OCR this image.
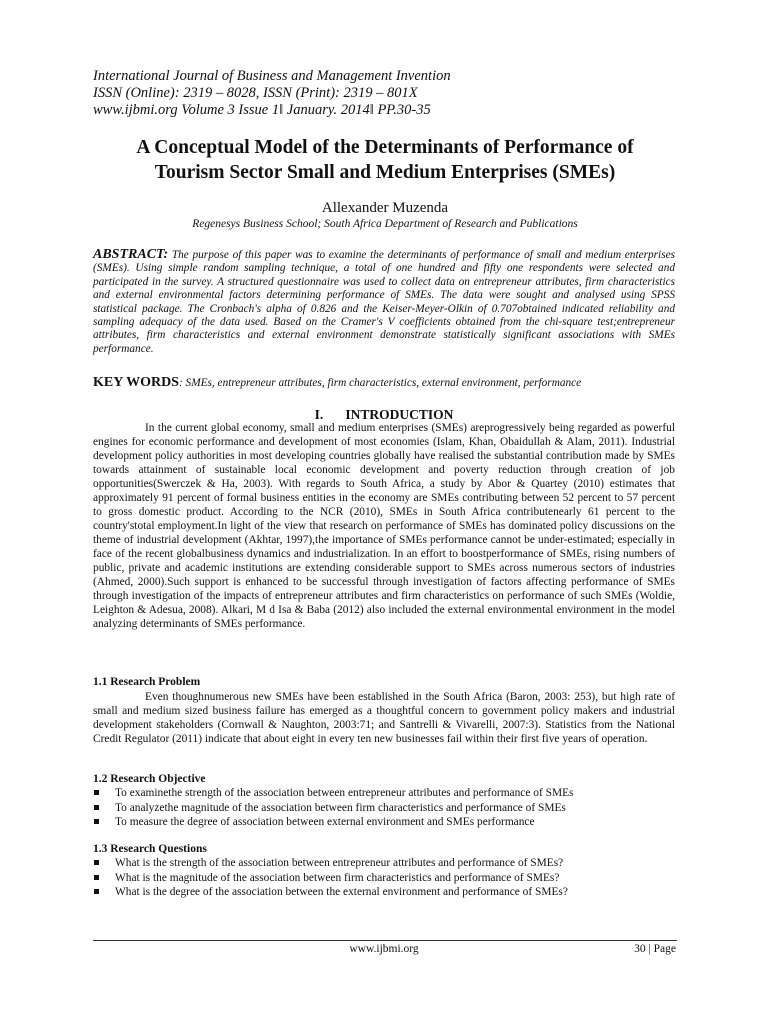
International Journal of Business and Management Invention
ISSN (Online): 2319 – 8028, ISSN (Print): 2319 – 801X
www.ijbmi.org Volume 3 Issue 1ǁ January. 2014ǁ PP.30-35
A Conceptual Model of the Determinants of Performance of
Tourism Sector Small and Medium Enterprises (SMEs)
Allexander Muzenda
Regenesys Business School; South Africa Department of Research and Publications
ABSTRACT: The purpose of this paper was to examine the determinants of performance of small and medium enterprises (SMEs). Using simple random sampling technique, a total of one hundred and fifty one respondents were selected and participated in the survey. A structured questionnaire was used to collect data on entrepreneur attributes, firm characteristics and external environmental factors determining performance of SMEs. The data were sought and analysed using SPSS statistical package. The Cronbach's alpha of 0.826 and the Keiser-Meyer-Olkin of 0.707obtained indicated reliability and sampling adequacy of the data used. Based on the Cramer's V coefficients obtained from the chi-square test;entrepreneur attributes, firm characteristics and external environment demonstrate statistically significant associations with SMEs performance.
KEY WORDS: SMEs, entrepreneur attributes, firm characteristics, external environment, performance
I. INTRODUCTION

In the current global economy, small and medium enterprises (SMEs) areprogressively being regarded as powerful engines for economic performance and development of most economies (Islam, Khan, Obaidullah & Alam, 2011). Industrial development policy authorities in most developing countries globally have realised the substantial contribution made by SMEs towards attainment of sustainable local economic development and poverty reduction through creation of job opportunities(Swerczek & Ha, 2003). With regards to South Africa, a study by Abor & Quartey (2010) estimates that approximately 91 percent of formal business entities in the economy are SMEs contributing between 52 percent to 57 percent to gross domestic product. According to the NCR (2010), SMEs in South Africa contributenearly 61 percent to the country'stotal employment.In light of the view that research on performance of SMEs has dominated policy discussions on the theme of industrial development (Akhtar, 1997),the importance of SMEs performance cannot be under-estimated; especially in face of the recent globalbusiness dynamics and industrialization. In an effort to boostperformance of SMEs, rising numbers of public, private and academic institutions are extending considerable support to SMEs across numerous sectors of industries (Ahmed, 2000).Such support is enhanced to be successful through investigation of factors affecting performance of SMEs through investigation of the impacts of entrepreneur attributes and firm characteristics on performance of such SMEs (Woldie, Leighton & Adesua, 2008). Alkari, M d Isa & Baba (2012) also included the external environmental environment in the model analyzing determinants of SMEs performance.

1.1 Research Problem

Even thoughnumerous new SMEs have been established in the South Africa (Baron, 2003: 253), but high rate of small and medium sized business failure has emerged as a thoughtful concern to government policy makers and industrial development stakeholders (Cornwall & Naughton, 2003:71; and Santrelli & Vivarelli, 2007:3). Statistics from the National Credit Regulator (2011) indicate that about eight in every ten new businesses fail within their first five years of operation.

1.2 Research Objective
To examinethe strength of the association between entrepreneur attributes and performance of SMEs
To analyzethe magnitude of the association between firm characteristics and performance of SMEs
To measure the degree of association between external environment and SMEs performance
1.3 Research Questions
What is the strength of the association between entrepreneur attributes and performance of SMEs?
What is the magnitude of the association between firm characteristics and performance of SMEs?
What is the degree of the association between the external environment and performance of SMEs?
www.ijbmi.org	30 | Page
